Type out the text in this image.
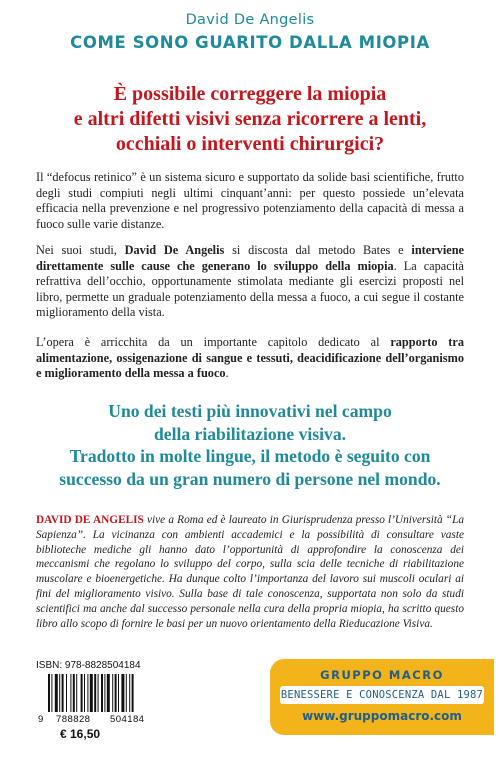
David De Angelis
COME SONO GUARITO DALLA MIOPIA
È possibile correggere la miopia
e altri difetti visivi senza ricorrere a lenti,
occhiali o interventi chirurgici?

Il “defocus retinico” è un sistema sicuro e supportato da solide basi scientifiche, frutto degli studi compiuti negli ultimi cinquant’anni: per questo possiede un’elevata efficacia nella prevenzione e nel progressivo potenziamento della capacità di messa a fuoco sulle varie distanze.

Nei suoi studi, David De Angelis si discosta dal metodo Bates e interviene direttamente sulle cause che generano lo sviluppo della miopia. La capacità refrattiva dell’occhio, opportunamente stimolata mediante gli esercizi proposti nel libro, permette un graduale potenziamento della messa a fuoco, a cui segue il costante miglioramento della vista.

L’opera è arricchita da un importante capitolo dedicato al rapporto tra alimentazione, ossigenazione di sangue e tessuti, deacidificazione dell’organismo e miglioramento della messa a fuoco.

Uno dei testi più innovativi nel campo
della riabilitazione visiva.
Tradotto in molte lingue, il metodo è seguito con
successo da un gran numero di persone nel mondo.

DAVID DE ANGELIS vive a Roma ed è laureato in Giurisprudenza presso l’Università “La Sapienza”. La vicinanza con ambienti accademici e la possibilità di consultare vaste biblioteche mediche gli hanno dato l’opportunità di approfondire la conoscenza dei meccanismi che regolano lo sviluppo del corpo, sulla scia delle tecniche di riabilitazione muscolare e bioenergetiche. Ha dunque colto l’importanza del lavoro sui muscoli oculari ai fini del miglioramento visivo. Sulla base di tale conoscenza, supportata non solo da studi scientifici ma anche dal successo personale nella cura della propria miopia, ha scritto questo libro allo scopo di fornire le basi per un nuovo orientamento della Rieducazione Visiva.

ISBN: 978-8828504184
9 788828 504184
€ 16,50
GRUPPO MACRO
BENESSERE E CONOSCENZA DAL 1987
www.gruppomacro.com
